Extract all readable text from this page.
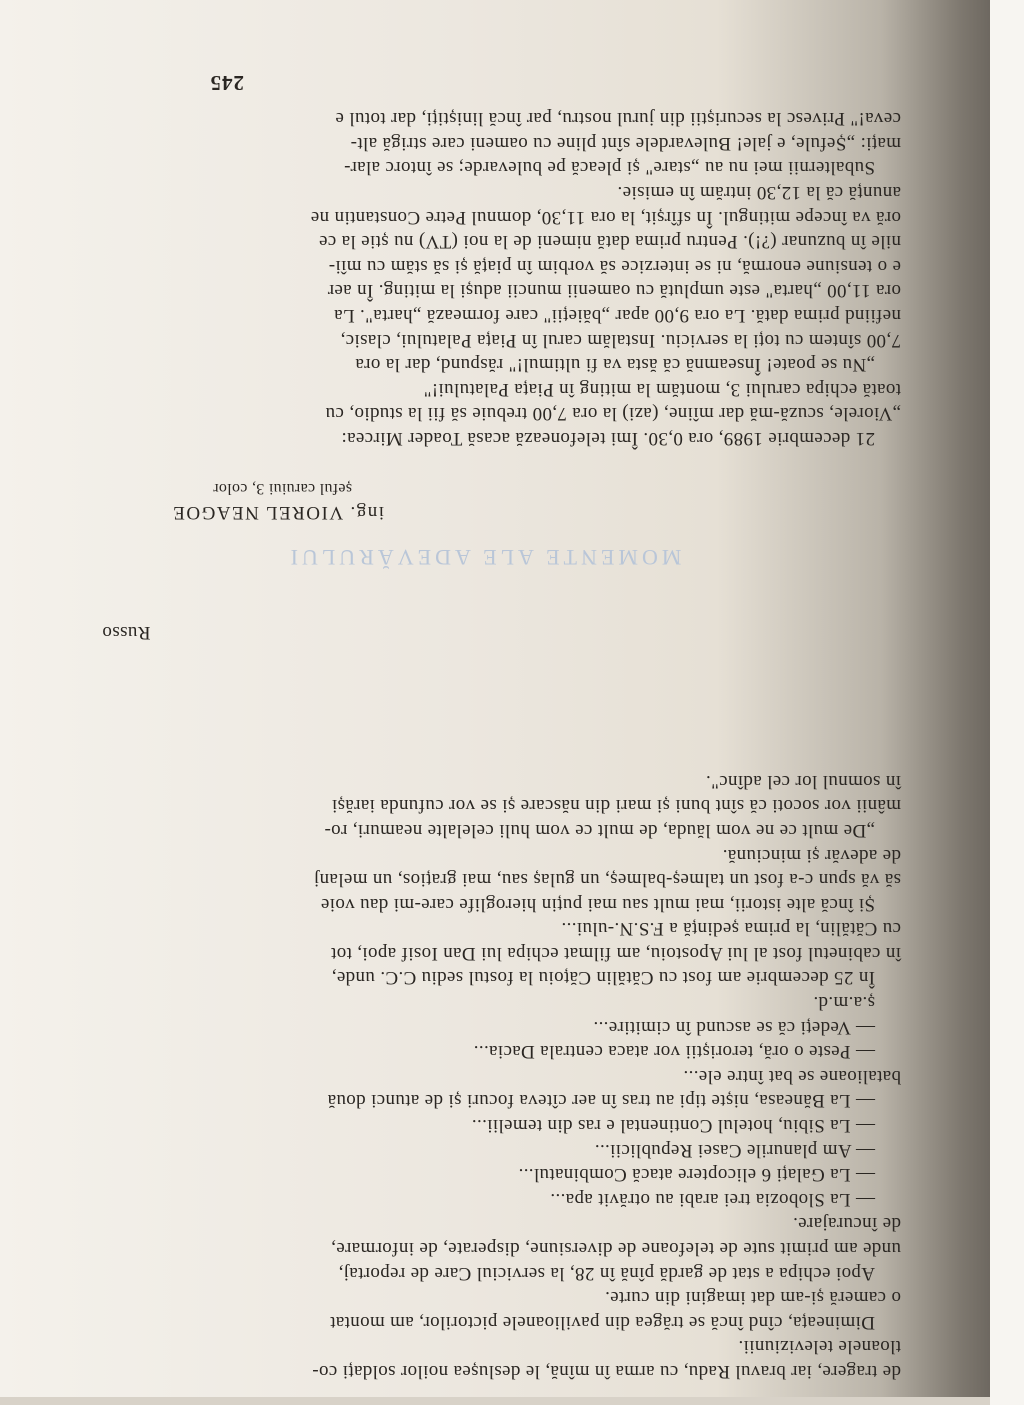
de tragere, iar bravul Radu, cu arma în mînă, le deslușea noilor soldați co-

tloanele televiziunii.

Dimineața, cînd încă se trăgea din pavilioanele pictorilor, am montat

o cameră și-am dat imagini din curte.

Apoi echipa a stat de gardă pînă în 28, la serviciul Care de reportaj,

unde am primit sute de telefoane de diversiune, disperate, de informare,

de încurajare.

— La Slobozia trei arabi au otrăvit apa...

— La Galați 6 elicoptere atacă Combinatul...

— Am planurile Casei Republicii...

— La Sibiu, hotelul Continental e ras din temelii...

— La Băneasa, niște tipi au tras în aer cîteva focuri și de atunci două

batalioane se bat între ele...

— Peste o oră, teroriștii vor ataca centrala Dacia...

— Vedeți că se ascund în cimitire...

ș.a.m.d.

În 25 decembrie am fost cu Cătălin Cățoiu la fostul sediu C.C. unde,

în cabinetul fost al lui Apostoiu, am filmat echipa lui Dan Iosif apoi, tot

cu Cătălin, la prima ședință a F.S.N.-ului...

Și încă alte istorii, mai mult sau mai puțin hieroglife care-mi dau voie

să vă spun c-a fost un talmeș-balmeș, un gulaș sau, mai grațios, un melanj

de adevăr și minciună.

„De mult ce ne vom lăuda, de mult ce vom huli celelalte neamuri, ro-

mânii vor socoti că sînt buni și mari din născare și se vor cufunda iarăși

în somnul lor cel adînc".

Russo
MOMENTE ALE ADEVĂRULUI
ing. VIOREL NEAGOE
șeful caruiui 3, color

21 decembrie 1989, ora 0,30. Îmi telefonează acasă Toader Mircea:

„Viorele, scuză-mă dar mîine, (azi) la ora 7,00 trebuie să fii la studio, cu

toată echipa carului 3, montăm la miting în Piața Palatului!"

„Nu se poate! Înseamnă că ăsta va fi ultimul!" răspund, dar la ora

7,00 sîntem cu toți la serviciu. Instalăm carul în Piața Palatului, clasic,

nefiind prima dată. La ora 9,00 apar „băieții" care formează „harta". La

ora 11,00 „harta" este umplută cu oamenii muncii aduși la miting. În aer

e o tensiune enormă, ni se interzice să vorbim în piață și să stăm cu mîi-

nile în buzunar (?!). Pentru prima dată nimeni de la noi (TV) nu știe la ce

oră va începe mitingul. În sfîrșit, la ora 11,30, domnul Petre Constantin ne

anunță că la 12,30 intrăm în emisie.

Subalternii mei nu au „stare" și pleacă pe bulevarde; se întorc alar-

mați: „Șefule, e jale! Bulevardele sînt pline cu oameni care strigă alt-

ceva!" Privesc la securiștii din jurul nostru, par încă liniștiți, dar totul e

245
